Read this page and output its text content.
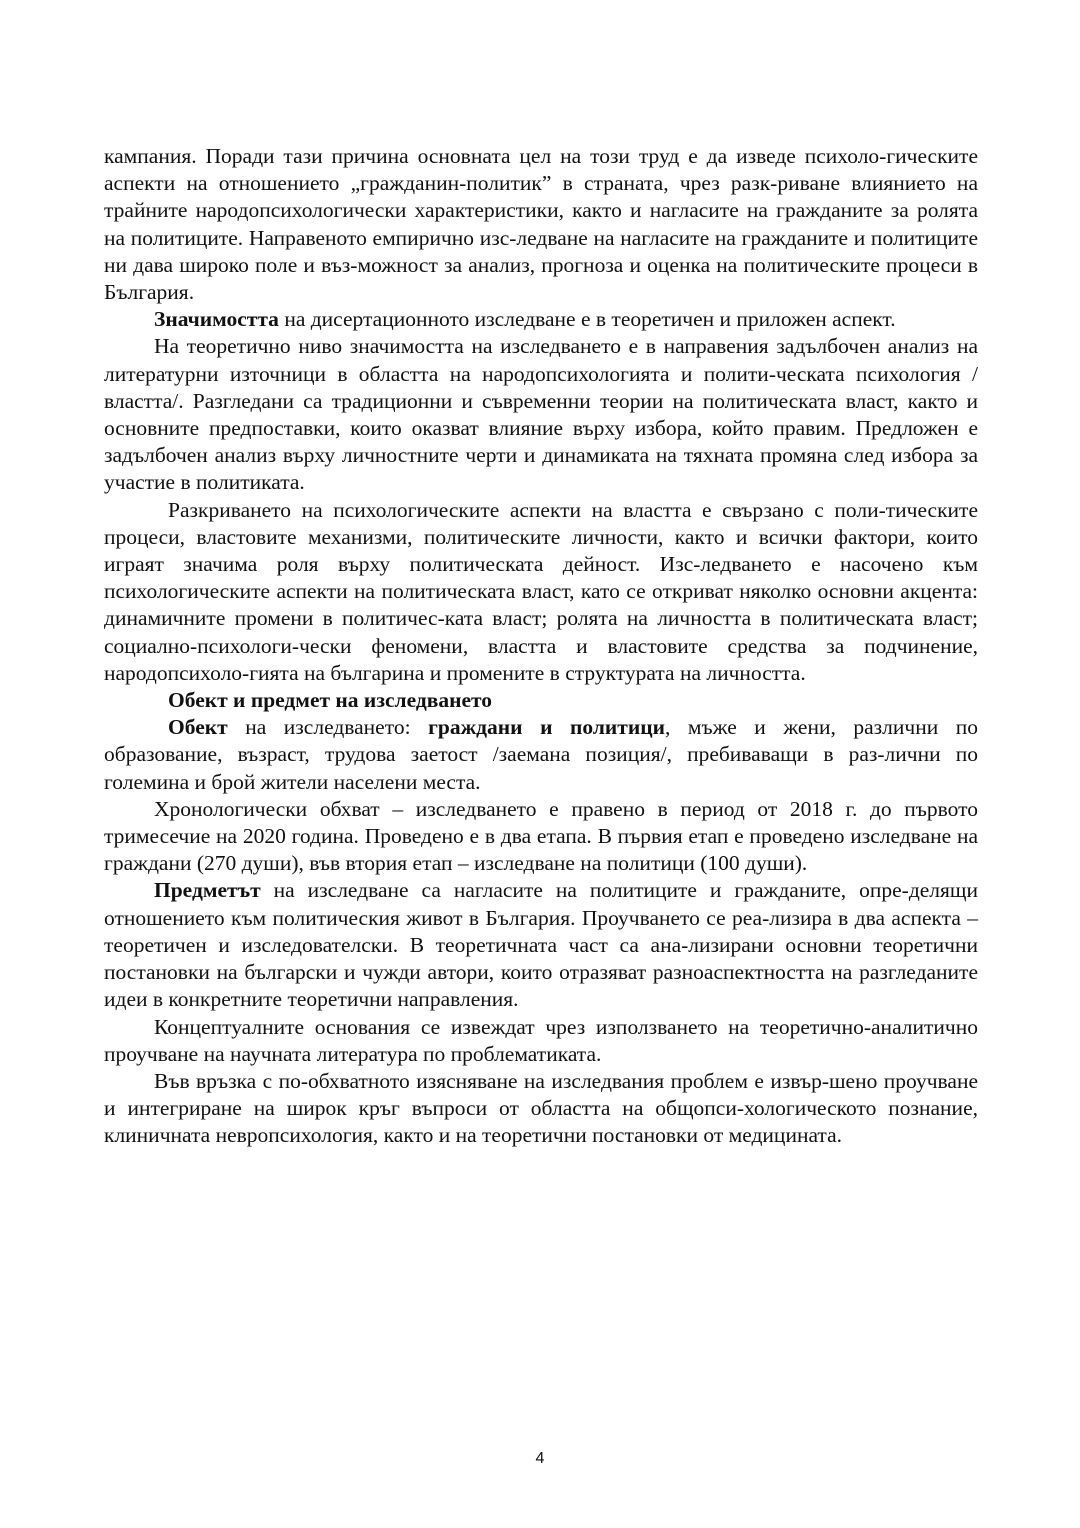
кампания. Поради тази причина основната цел на този труд е да изведе психоло-гическите аспекти на отношението „гражданин-политик” в страната, чрез разк-риване влиянието на трайните народопсихологически характеристики, както и нагласите на гражданите за ролята на политиците. Направеното емпирично изс-ледване на нагласите на гражданите и политиците ни дава широко поле и въз-можност за анализ, прогноза и оценка на политическите процеси в България.

Значимостта на дисертационното изследване е в теоретичен и приложен аспект.

На теоретично ниво значимостта на изследването е в направения задълбочен анализ на литературни източници в областта на народопсихологията и полити-ческата психология /властта/. Разгледани са традиционни и съвременни теории на политическата власт, както и основните предпоставки, които оказват влияние върху избора, който правим. Предложен е задълбочен анализ върху личностните черти и динамиката на тяхната промяна след избора за участие в политиката.

Разкриването на психологическите аспекти на властта е свързано с поли-тическите процеси, властовите механизми, политическите личности, както и всички фактори, които играят значима роля върху политическата дейност. Изс-ледването е насочено към психологическите аспекти на политическата власт, като се откриват няколко основни акцента: динамичните промени в политичес-ката власт; ролята на личността в политическата власт; социално-психологи-чески феномени, властта и властовите средства за подчинение, народопсихоло-гията на българина и промените в структурата на личността.

Обект и предмет на изследването

Обект на изследването: граждани и политици, мъже и жени, различни по образование, възраст, трудова заетост /заемана позиция/, пребиваващи в раз-лични по големина и брой жители населени места.

Хронологически обхват – изследването е правено в период от 2018 г. до първото тримесечие на 2020 година. Проведено е в два етапа. В първия етап е проведено изследване на граждани (270 души), във втория етап – изследване на политици (100 души).

Предметът на изследване са нагласите на политиците и гражданите, опре-делящи отношението към политическия живот в България. Проучването се реа-лизира в два аспекта – теоретичен и изследователски. В теоретичната част са ана-лизирани основни теоретични постановки на български и чужди автори, които отразяват разноаспектността на разгледаните идеи в конкретните теоретични направления.

Концептуалните основания се извеждат чрез използването на теоретично-аналитично проучване на научната литература по проблематиката.

Във връзка с по-обхватното изясняване на изследвания проблем е извър-шено проучване и интегриране на широк кръг въпроси от областта на общопси-хологическото познание, клиничната невропсихология, както и на теоретични постановки от медицината.

4
